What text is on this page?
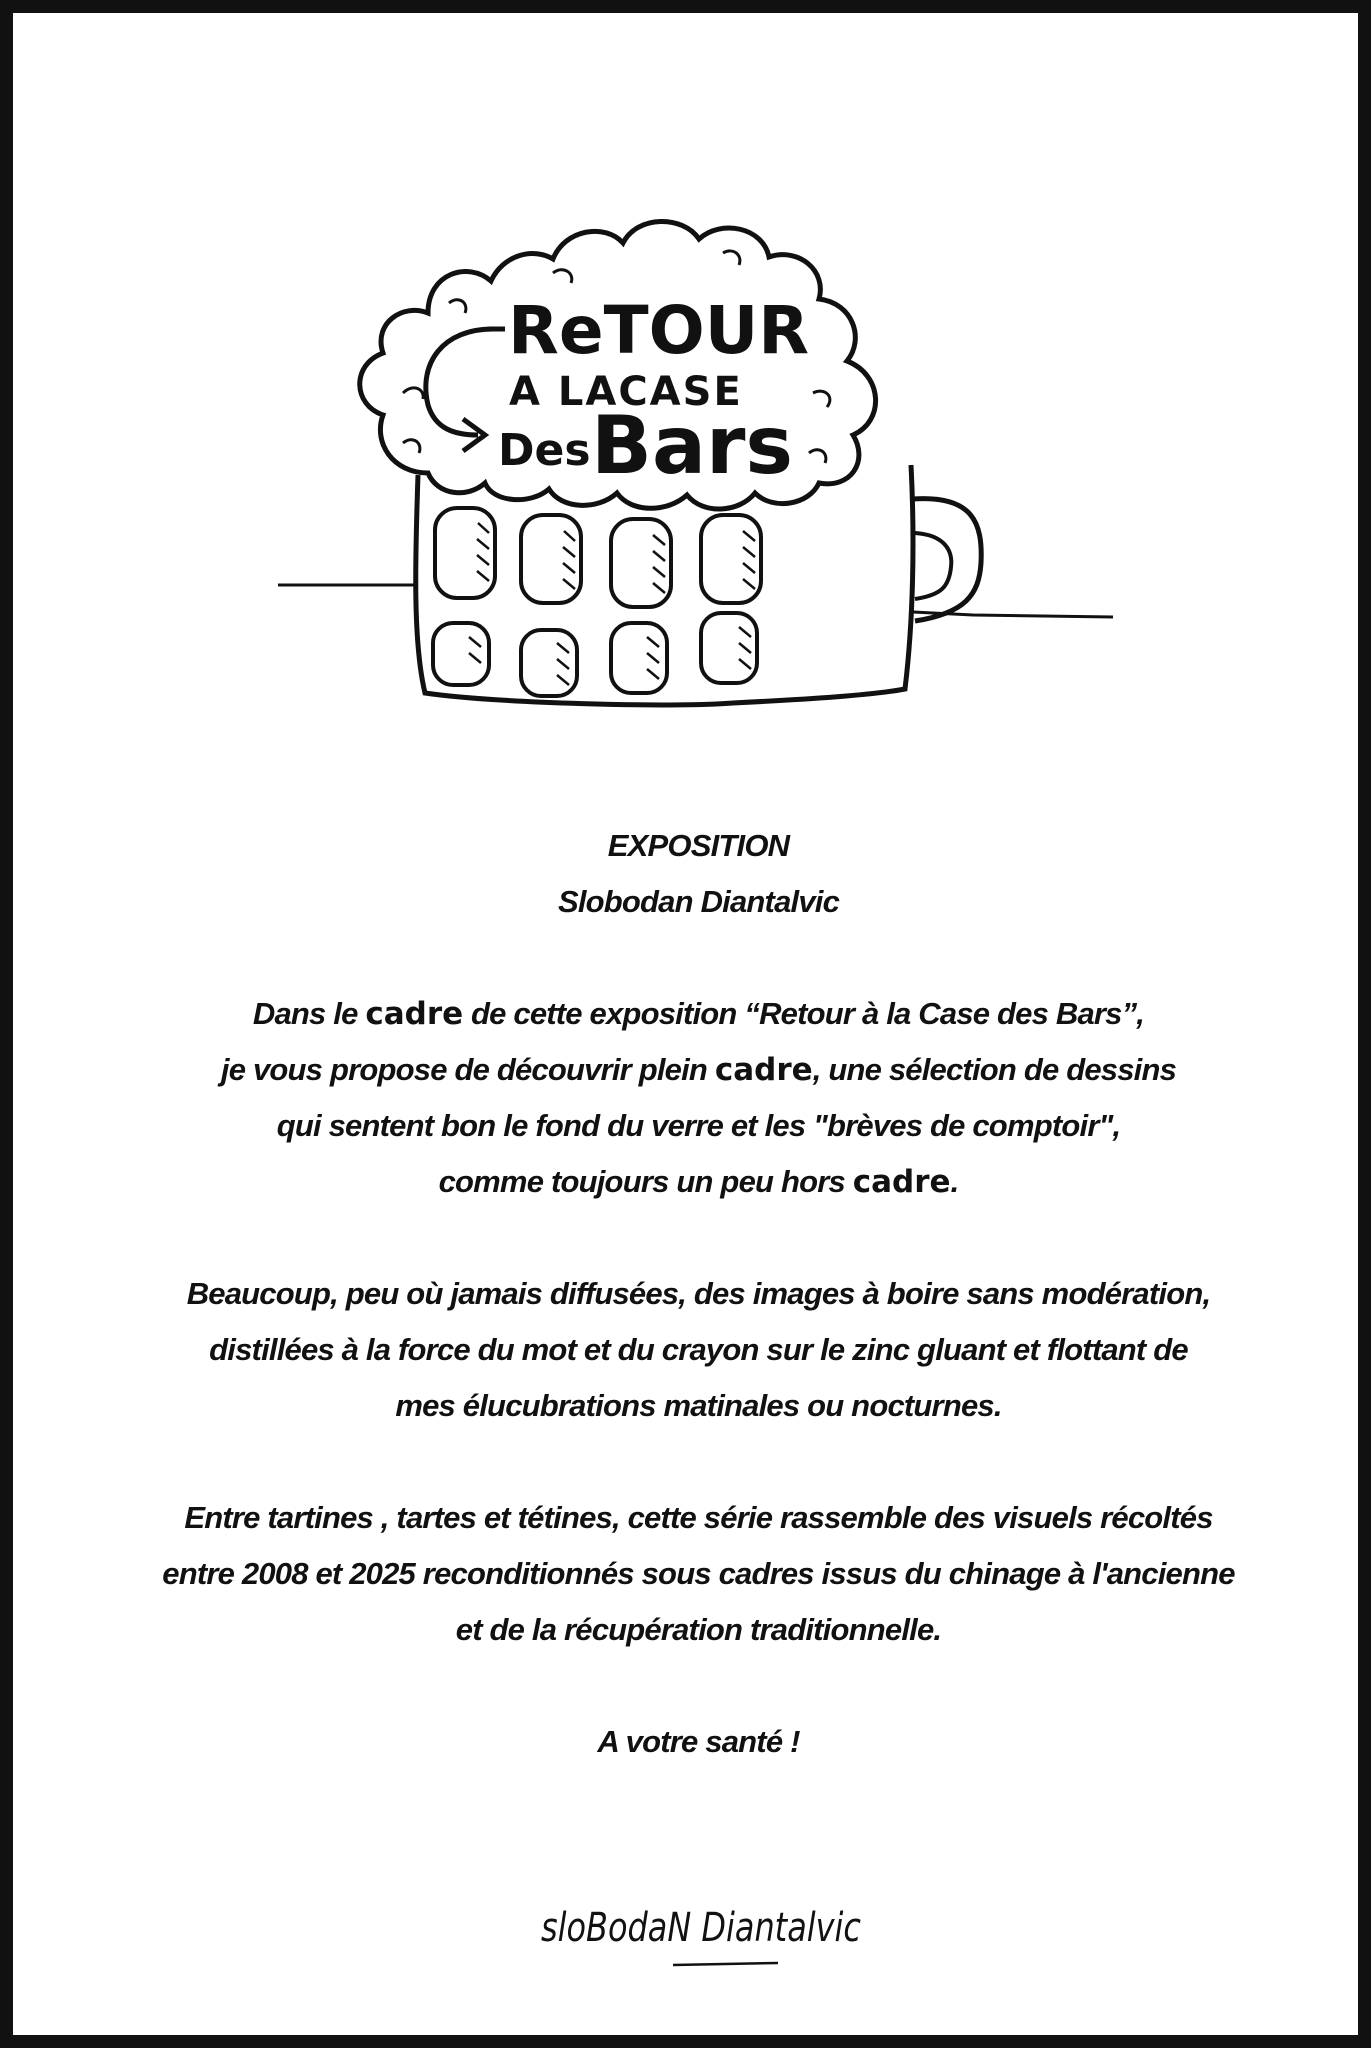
ReTOUR
A LACASE
Des Bars

EXPOSITION

Slobodan Diantalvic

Dans le cadre de cette exposition “Retour à la Case des Bars”,

je vous propose de découvrir plein cadre, une sélection de dessins

qui sentent bon le fond du verre et les "brèves de comptoir",

comme toujours un peu hors cadre.

Beaucoup, peu où jamais diffusées, des images à boire sans modération,

distillées à la force du mot et du crayon sur le zinc gluant et flottant de

mes élucubrations matinales ou nocturnes.

Entre tartines , tartes et tétines, cette série rassemble des visuels récoltés

entre 2008 et 2025 reconditionnés sous cadres issus du chinage à l'ancienne

et de la récupération traditionnelle.

A votre santé !

sloBodaN Diantalvic
